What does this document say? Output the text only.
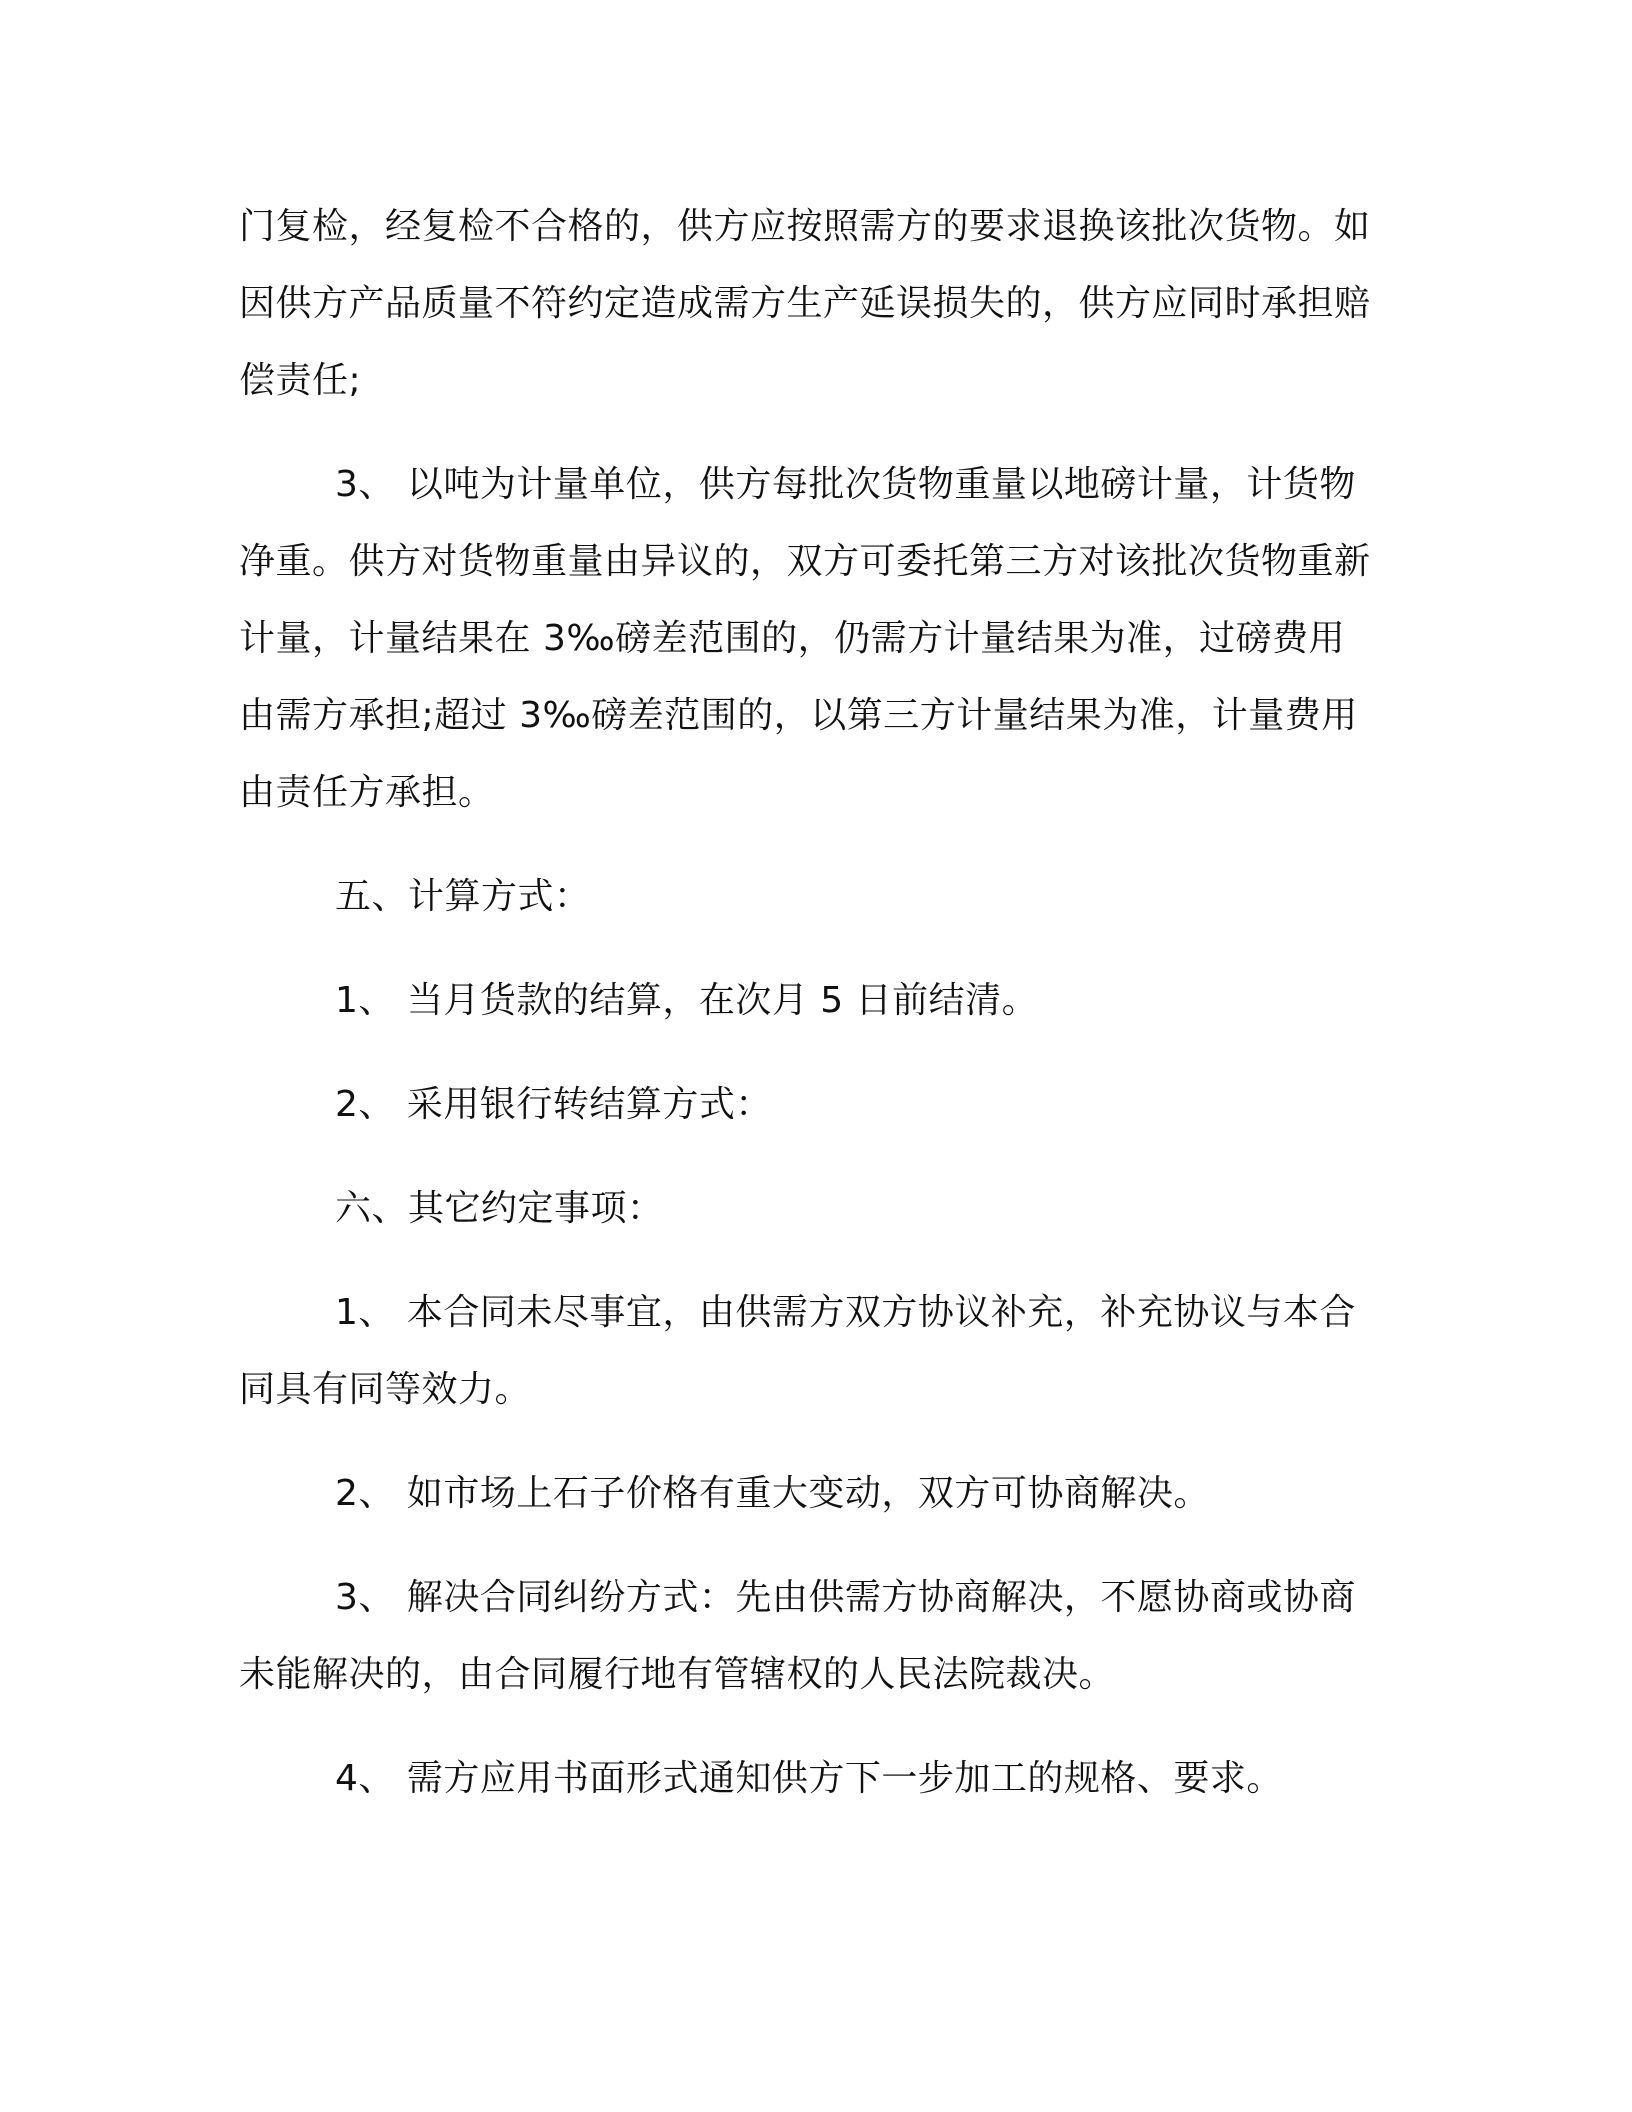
门复检，经复检不合格的，供方应按照需方的要求退换该批次货物。如因供方产品质量不符约定造成需方生产延误损失的，供方应同时承担赔偿责任;

3、 以吨为计量单位，供方每批次货物重量以地磅计量，计货物净重。供方对货物重量由异议的，双方可委托第三方对该批次货物重新计量，计量结果在 3‰磅差范围的，仍需方计量结果为准，过磅费用由需方承担;超过 3‰磅差范围的，以第三方计量结果为准，计量费用由责任方承担。

五、计算方式：

1、 当月货款的结算，在次月 5 日前结清。

2、 采用银行转结算方式：

六、其它约定事项：

1、 本合同未尽事宜，由供需方双方协议补充，补充协议与本合同具有同等效力。

2、 如市场上石子价格有重大变动，双方可协商解决。

3、 解决合同纠纷方式：先由供需方协商解决，不愿协商或协商未能解决的，由合同履行地有管辖权的人民法院裁决。

4、 需方应用书面形式通知供方下一步加工的规格、要求。
